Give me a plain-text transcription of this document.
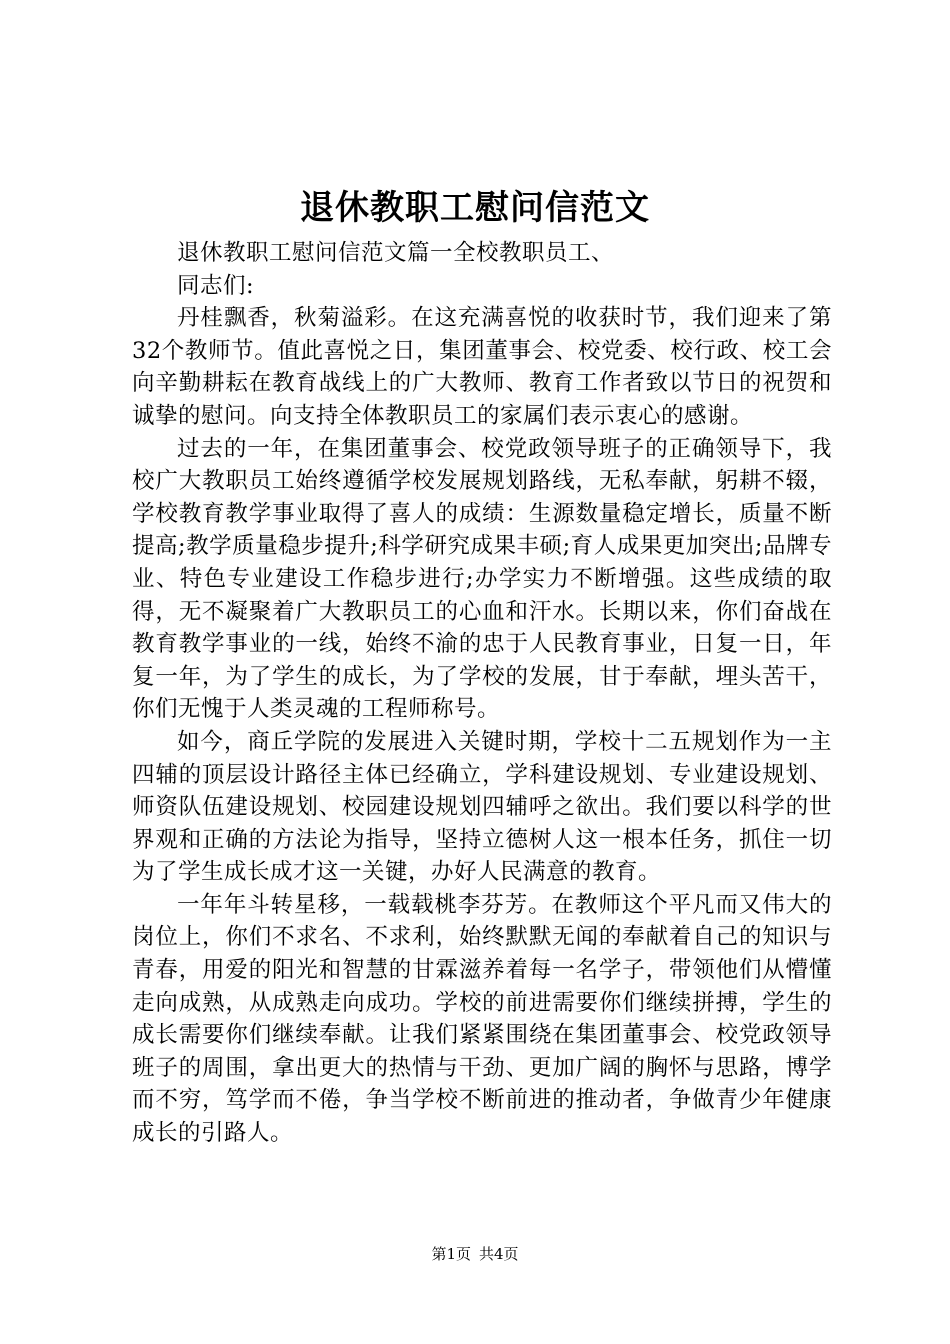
退休教职工慰问信范文

退休教职工慰问信范文篇一全校教职员工、

同志们:

丹桂飘香，秋菊溢彩。在这充满喜悦的收获时节，我们迎来了第32个教师节。值此喜悦之日，集团董事会、校党委、校行政、校工会向辛勤耕耘在教育战线上的广大教师、教育工作者致以节日的祝贺和诚挚的慰问。向支持全体教职员工的家属们表示衷心的感谢。

过去的一年，在集团董事会、校党政领导班子的正确领导下，我校广大教职员工始终遵循学校发展规划路线，无私奉献，躬耕不辍，学校教育教学事业取得了喜人的成绩：生源数量稳定增长，质量不断提高;教学质量稳步提升;科学研究成果丰硕;育人成果更加突出;品牌专业、特色专业建设工作稳步进行;办学实力不断增强。这些成绩的取得，无不凝聚着广大教职员工的心血和汗水。长期以来，你们奋战在教育教学事业的一线，始终不渝的忠于人民教育事业，日复一日，年复一年，为了学生的成长，为了学校的发展，甘于奉献，埋头苦干，你们无愧于人类灵魂的工程师称号。

如今，商丘学院的发展进入关键时期，学校十二五规划作为一主四辅的顶层设计路径主体已经确立，学科建设规划、专业建设规划、师资队伍建设规划、校园建设规划四辅呼之欲出。我们要以科学的世界观和正确的方法论为指导，坚持立德树人这一根本任务，抓住一切为了学生成长成才这一关键，办好人民满意的教育。

一年年斗转星移，一载载桃李芬芳。在教师这个平凡而又伟大的岗位上，你们不求名、不求利，始终默默无闻的奉献着自己的知识与青春，用爱的阳光和智慧的甘霖滋养着每一名学子，带领他们从懵懂走向成熟，从成熟走向成功。学校的前进需要你们继续拼搏，学生的成长需要你们继续奉献。让我们紧紧围绕在集团董事会、校党政领导班子的周围，拿出更大的热情与干劲、更加广阔的胸怀与思路，博学而不穷，笃学而不倦，争当学校不断前进的推动者，争做青少年健康成长的引路人。

第1页 共4页
